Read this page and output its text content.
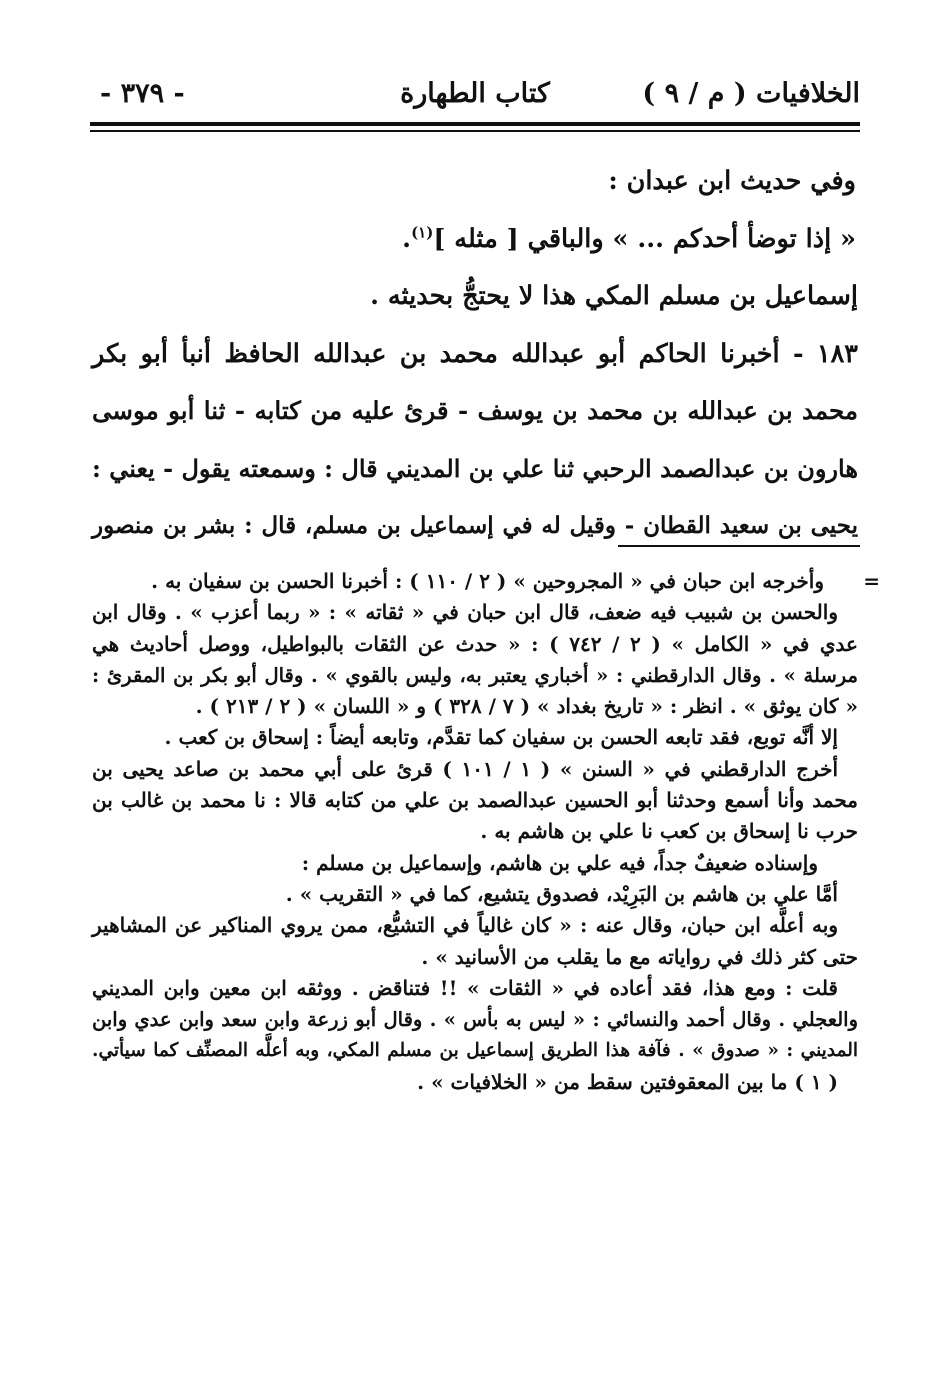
الخلافيات ( م / ٩ )
كتاب الطهارة
- ٣٧٩ -
وفي حديث ابن عبدان :
« إذا توضأ أحدكم ... » والباقي [ مثله ]$^{(١)}$.
إسماعيل بن مسلم المكي هذا لا يحتجُّ بحديثه .
١٨٣ - أخبرنا الحاكم أبو عبدالله محمد بن عبدالله الحافظ أنبأ أبو بكر
محمد بن عبدالله بن محمد بن يوسف - قرئ عليه من كتابه - ثنا أبو موسى
هارون بن عبدالصمد الرحبي ثنا علي بن المديني قال : وسمعته يقول - يعني :
يحيى بن سعيد القطان - وقيل له في إسماعيل بن مسلم، قال : بشر بن منصور
=
وأخرجه ابن حبان في « المجروحين » ( ٢ / ١١٠ ) : أخبرنا الحسن بن سفيان به .
والحسن بن شبيب فيه ضعف، قال ابن حبان في « ثقاته » : « ربما أعزب » . وقال ابن
عدي في « الكامل » ( ٢ / ٧٤٢ ) : « حدث عن الثقات بالبواطيل، ووصل أحاديث هي
مرسلة » . وقال الدارقطني : « أخباري يعتبر به، وليس بالقوي » . وقال أبو بكر بن المقرئ :
« كان يوثق » . انظر : « تاريخ بغداد » ( ٧ / ٣٢٨ ) و « اللسان » ( ٢ / ٢١٣ ) .
إلا أنَّه توبع، فقد تابعه الحسن بن سفيان كما تقدَّم، وتابعه أيضاً : إسحاق بن كعب .
أخرج الدارقطني في « السنن » ( ١ / ١٠١ ) قرئ على أبي محمد بن صاعد يحيى بن
محمد وأنا أسمع وحدثنا أبو الحسين عبدالصمد بن علي من كتابه قالا : نا محمد بن غالب بن
حرب نا إسحاق بن كعب نا علي بن هاشم به .
وإسناده ضعيفٌ جداً، فيه علي بن هاشم، وإسماعيل بن مسلم :
أمَّا علي بن هاشم بن البَرِيْد، فصدوق يتشيع، كما في « التقريب » .
وبه أعلَّه ابن حبان، وقال عنه : « كان غالياً في التشيُّع، ممن يروي المناكير عن المشاهير
حتى كثر ذلك في رواياته مع ما يقلب من الأسانيد » .
قلت : ومع هذا، فقد أعاده في « الثقات » !! فتناقض . ووثقه ابن معين وابن المديني
والعجلي . وقال أحمد والنسائي : « ليس به بأس » . وقال أبو زرعة وابن سعد وابن عدي وابن
المديني : « صدوق » . فآفة هذا الطريق إسماعيل بن مسلم المكي، وبه أعلَّه المصنِّف كما سيأتي.
( ١ ) ما بين المعقوفتين سقط من « الخلافيات » .
